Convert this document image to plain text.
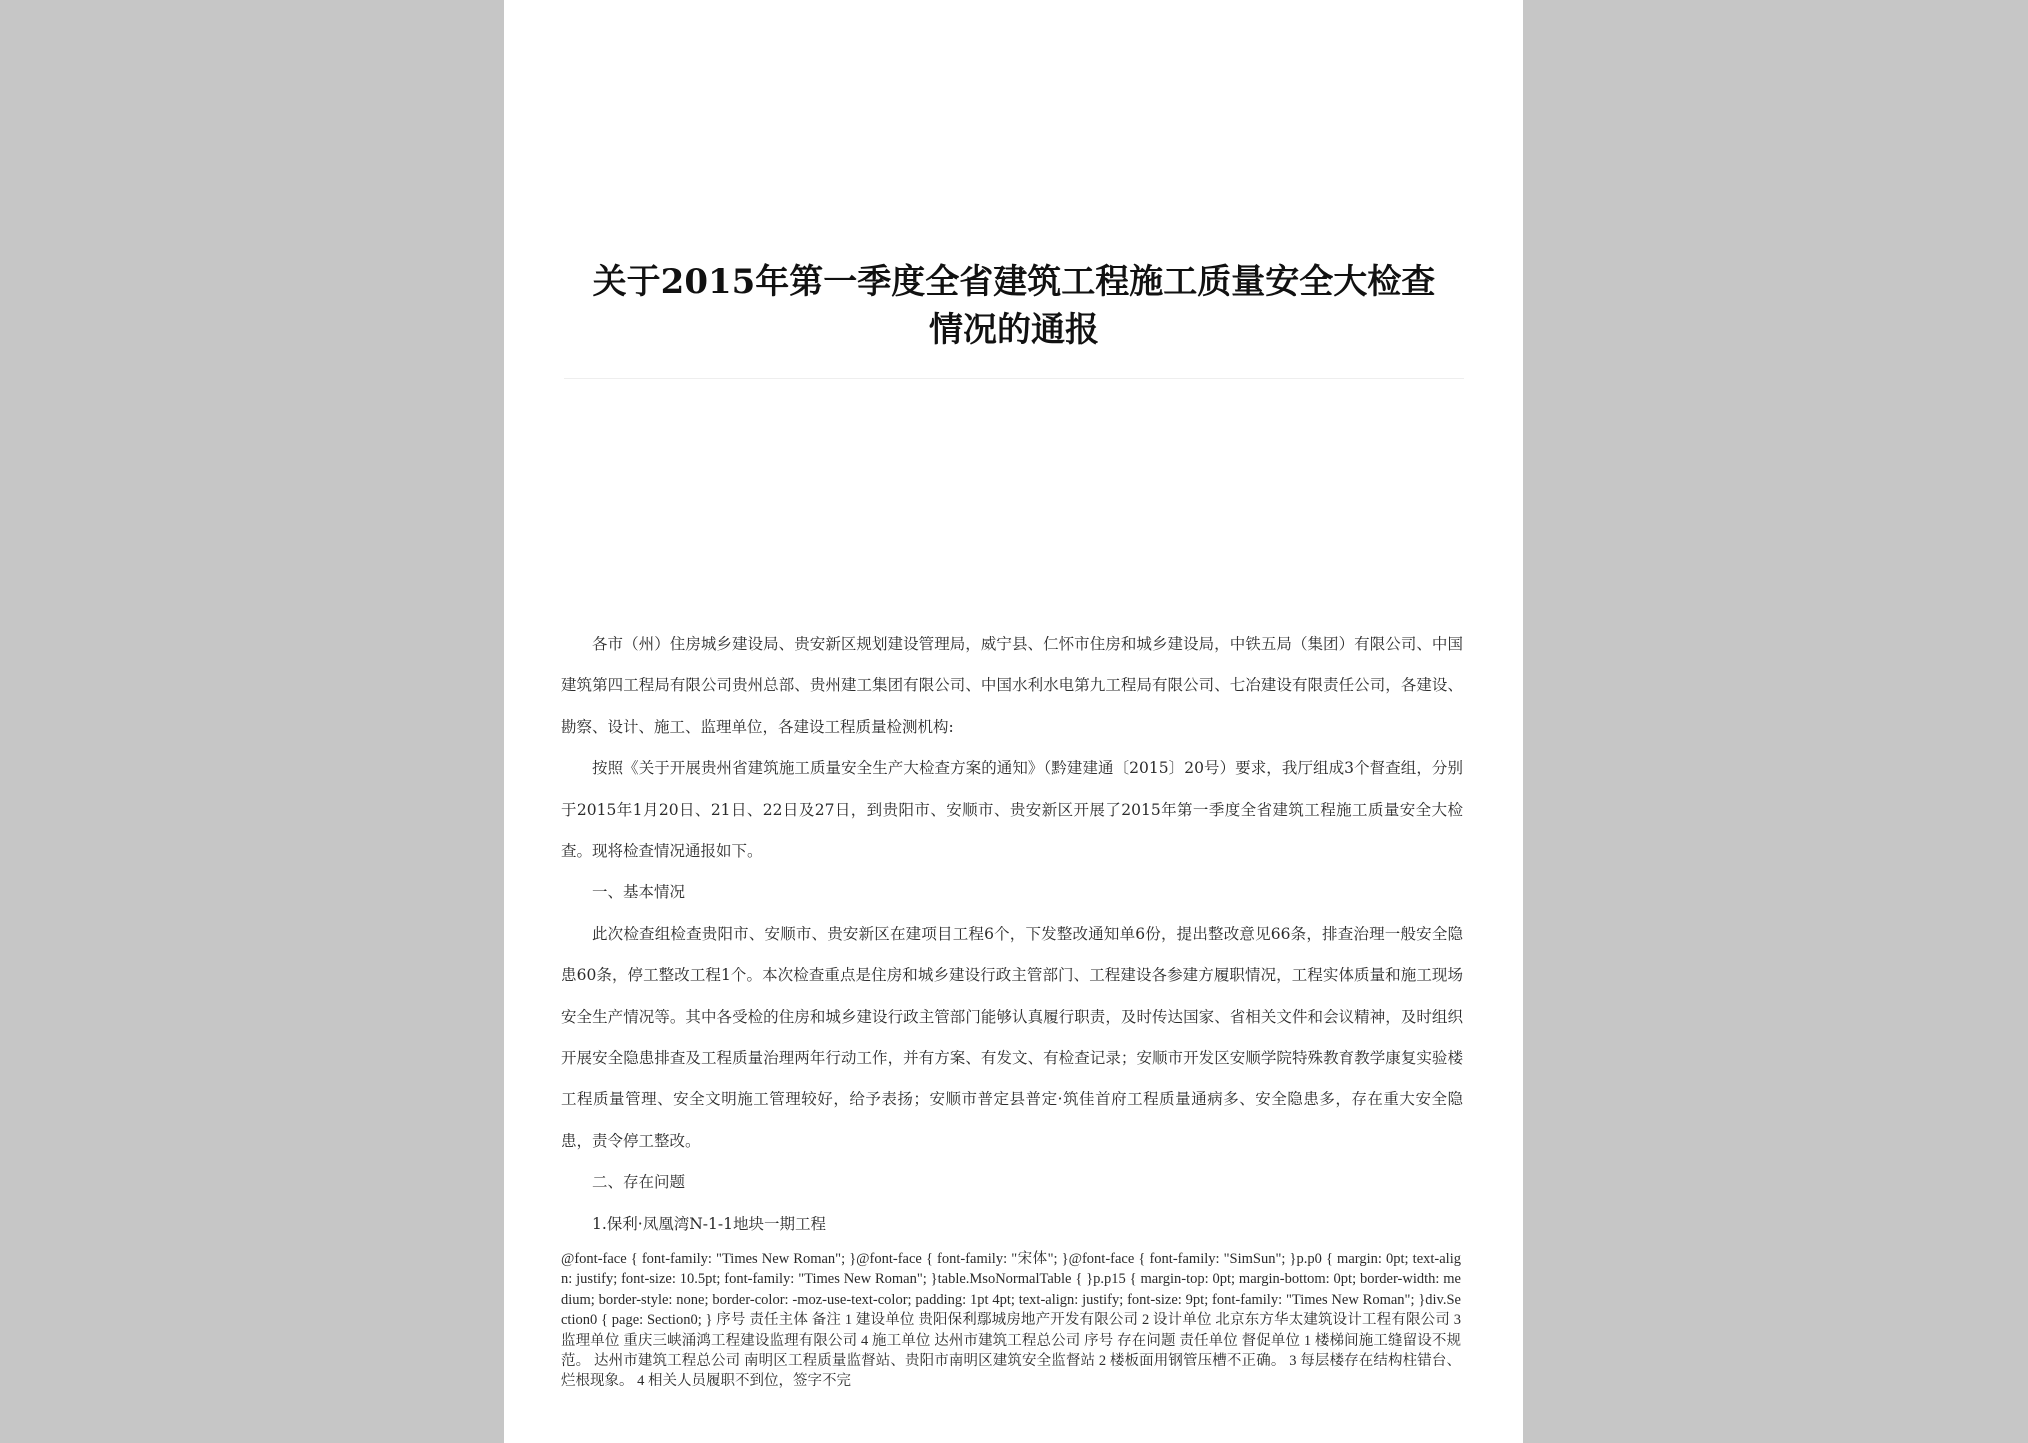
关于2015年第一季度全省建筑工程施工质量安全大检查
情况的通报

各市（州）住房城乡建设局、贵安新区规划建设管理局，威宁县、仁怀市住房和城乡建设局，中铁五局（集团）有限公司、中国建筑第四工程局有限公司贵州总部、贵州建工集团有限公司、中国水利水电第九工程局有限公司、七冶建设有限责任公司，各建设、勘察、设计、施工、监理单位，各建设工程质量检测机构:

按照《关于开展贵州省建筑施工质量安全生产大检查方案的通知》（黔建建通〔2015〕20号）要求，我厅组成3个督查组，分别于2015年1月20日、21日、22日及27日，到贵阳市、安顺市、贵安新区开展了2015年第一季度全省建筑工程施工质量安全大检查。现将检查情况通报如下。

一、基本情况

此次检查组检查贵阳市、安顺市、贵安新区在建项目工程6个，下发整改通知单6份，提出整改意见66条，排查治理一般安全隐患60条，停工整改工程1个。本次检查重点是住房和城乡建设行政主管部门、工程建设各参建方履职情况，工程实体质量和施工现场安全生产情况等。其中各受检的住房和城乡建设行政主管部门能够认真履行职责，及时传达国家、省相关文件和会议精神，及时组织开展安全隐患排查及工程质量治理两年行动工作，并有方案、有发文、有检查记录；安顺市开发区安顺学院特殊教育教学康复实验楼工程质量管理、安全文明施工管理较好，给予表扬；安顺市普定县普定·筑佳首府工程质量通病多、安全隐患多，存在重大安全隐患，责令停工整改。

二、存在问题

1.保利·凤凰湾N-1-1地块一期工程

@font-face { font-family: "Times New Roman"; }@font-face { font-family: "宋体"; }@font-face { font-family: "SimSun"; }p.p0 { margin: 0pt; text-align: justify; font-size: 10.5pt; font-family: "Times New Roman"; }table.MsoNormalTable { }p.p15 { margin-top: 0pt; margin-bottom: 0pt; border-width: medium; border-style: none; border-color: -moz-use-text-color; padding: 1pt 4pt; text-align: justify; font-size: 9pt; font-family: "Times New Roman"; }div.Section0 { page: Section0; } 序号 责任主体 备注 1 建设单位 贵阳保利鄢城房地产开发有限公司 2 设计单位 北京东方华太建筑设计工程有限公司 3 监理单位 重庆三峡涌鸿工程建设监理有限公司 4 施工单位 达州市建筑工程总公司 序号 存在问题 责任单位 督促单位 1 楼梯间施工缝留设不规范。 达州市建筑工程总公司 南明区工程质量监督站、贵阳市南明区建筑安全监督站 2 楼板面用钢管压槽不正确。 3 每层楼存在结构柱错台、烂根现象。 4 相关人员履职不到位，签字不完
